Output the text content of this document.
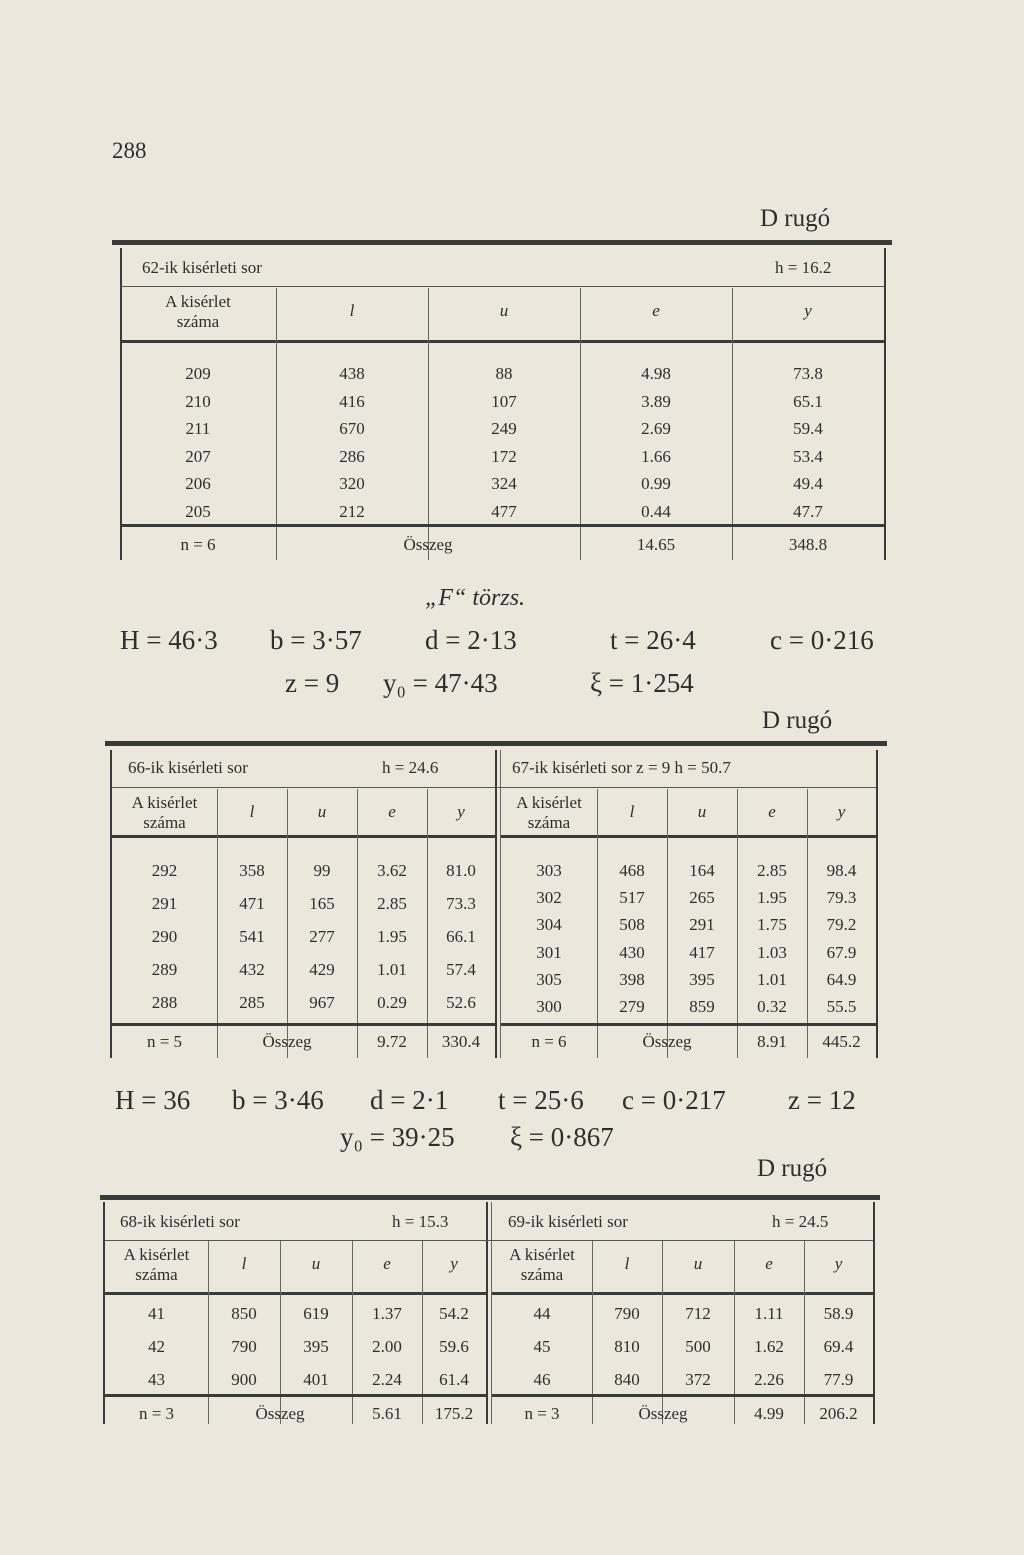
288
D rugó
62-ik kisérleti sor	h = 16.2
A kisérlet
száma
l	u	e	y
209	438	88	4.98	73.8
210	416	107	3.89	65.1
211	670	249	2.69	59.4
207	286	172	1.66	53.4
206	320	324	0.99	49.4
205	212	477	0.44	47.7
n = 6	Összeg	14.65	348.8
„F“ törzs.
H = 46·3 b = 3·57 d = 2·13	t = 26·4	c = 0·216
z = 9 y₀ = 47·43	ξ = 1·254
D rugó
66-ik kisérleti sor	h = 24.6	67-ik kisérleti sor z = 9 h = 50.7
A kisérlet
száma
l	u	e	y
292	358	99	3.62	81.0
291	471	165	2.85	73.3
290	541	277	1.95	66.1
289	432	429	1.01	57.4
288	285	967	0.29	52.6
n = 5	Összeg	9.72	330.4
A kisérlet
száma
l	u	e	y
303	468	164	2.85	98.4
302	517	265	1.95	79.3
304	508	291	1.75	79.2
301	430	417	1.03	67.9
305	398	395	1.01	64.9
300	279	859	0.32	55.5
n = 6	Összeg	8.91	445.2
H = 36 b = 3·46 d = 2·1 t = 25·6 c = 0·217 z = 12
y₀ = 39·25 ξ = 0·867
D rugó
68-ik kisérleti sor	h = 15.3	69-ik kisérleti sor	h = 24.5
A kisérlet
száma
l	u	e	y
41	850	619	1.37	54.2
42	790	395	2.00	59.6
43	900	401	2.24	61.4
n = 3	Összeg	5.61	175.2
A kisérlet
száma
l	u	e	y
44	790	712	1.11	58.9
45	810	500	1.62	69.4
46	840	372	2.26	77.9
n = 3	Összeg	4.99	206.2
